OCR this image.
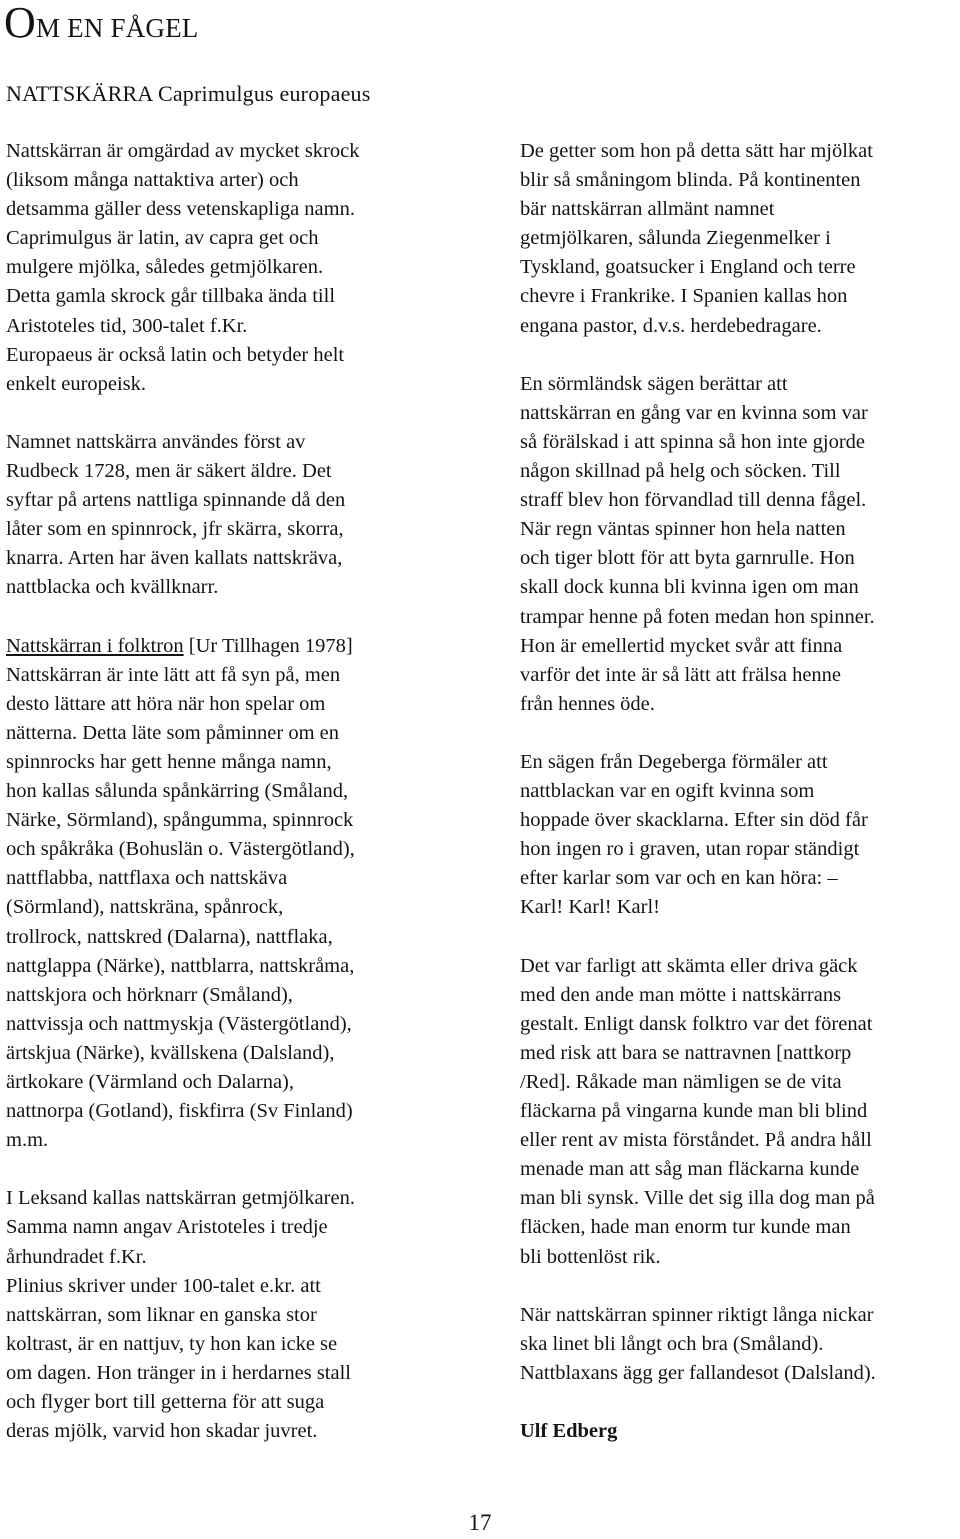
OM EN FÅGEL
NATTSKÄRRA Caprimulgus europaeus

Nattskärran är omgärdad av mycket skrock
(liksom många nattaktiva arter) och
detsamma gäller dess vetenskapliga namn.
Caprimulgus är latin, av capra get och
mulgere mjölka, således getmjölkaren.
Detta gamla skrock går tillbaka ända till
Aristoteles tid, 300-talet f.Kr.
Europaeus är också latin och betyder helt
enkelt europeisk.

Namnet nattskärra användes först av
Rudbeck 1728, men är säkert äldre. Det
syftar på artens nattliga spinnande då den
låter som en spinnrock, jfr skärra, skorra,
knarra. Arten har även kallats nattskräva,
nattblacka och kvällknarr.

Nattskärran i folktron [Ur Tillhagen 1978]
Nattskärran är inte lätt att få syn på, men
desto lättare att höra när hon spelar om
nätterna. Detta läte som påminner om en
spinnrocks har gett henne många namn,
hon kallas sålunda spånkärring (Småland,
Närke, Sörmland), spångumma, spinnrock
och spåkråka (Bohuslän o. Västergötland),
nattflabba, nattflaxa och nattskäva
(Sörmland), nattskräna, spånrock,
trollrock, nattskred (Dalarna), nattflaka,
nattglappa (Närke), nattblarra, nattskråma,
nattskjora och hörknarr (Småland),
nattvissja och nattmyskja (Västergötland),
ärtskjua (Närke), kvällskena (Dalsland),
ärtkokare (Värmland och Dalarna),
nattnorpa (Gotland), fiskfirra (Sv Finland)
m.m.

I Leksand kallas nattskärran getmjölkaren.
Samma namn angav Aristoteles i tredje
århundradet f.Kr.
Plinius skriver under 100-talet e.kr. att
nattskärran, som liknar en ganska stor
koltrast, är en nattjuv, ty hon kan icke se
om dagen. Hon tränger in i herdarnes stall
och flyger bort till getterna för att suga
deras mjölk, varvid hon skadar juvret.

De getter som hon på detta sätt har mjölkat
blir så småningom blinda. På kontinenten
bär nattskärran allmänt namnet
getmjölkaren, sålunda Ziegenmelker i
Tyskland, goatsucker i England och terre
chevre i Frankrike. I Spanien kallas hon
engana pastor, d.v.s. herdebedragare.

En sörmländsk sägen berättar att
nattskärran en gång var en kvinna som var
så förälskad i att spinna så hon inte gjorde
någon skillnad på helg och söcken. Till
straff blev hon förvandlad till denna fågel.
När regn väntas spinner hon hela natten
och tiger blott för att byta garnrulle. Hon
skall dock kunna bli kvinna igen om man
trampar henne på foten medan hon spinner.
Hon är emellertid mycket svår att finna
varför det inte är så lätt att frälsa henne
från hennes öde.

En sägen från Degeberga förmäler att
nattblackan var en ogift kvinna som
hoppade över skacklarna. Efter sin död får
hon ingen ro i graven, utan ropar ständigt
efter karlar som var och en kan höra: –
Karl! Karl! Karl!

Det var farligt att skämta eller driva gäck
med den ande man mötte i nattskärrans
gestalt. Enligt dansk folktro var det förenat
med risk att bara se nattravnen [nattkorp
/Red]. Råkade man nämligen se de vita
fläckarna på vingarna kunde man bli blind
eller rent av mista förståndet. På andra håll
menade man att såg man fläckarna kunde
man bli synsk. Ville det sig illa dog man på
fläcken, hade man enorm tur kunde man
bli bottenlöst rik.

När nattskärran spinner riktigt långa nickar
ska linet bli långt och bra (Småland).
Nattblaxans ägg ger fallandesot (Dalsland).

Ulf Edberg

17
